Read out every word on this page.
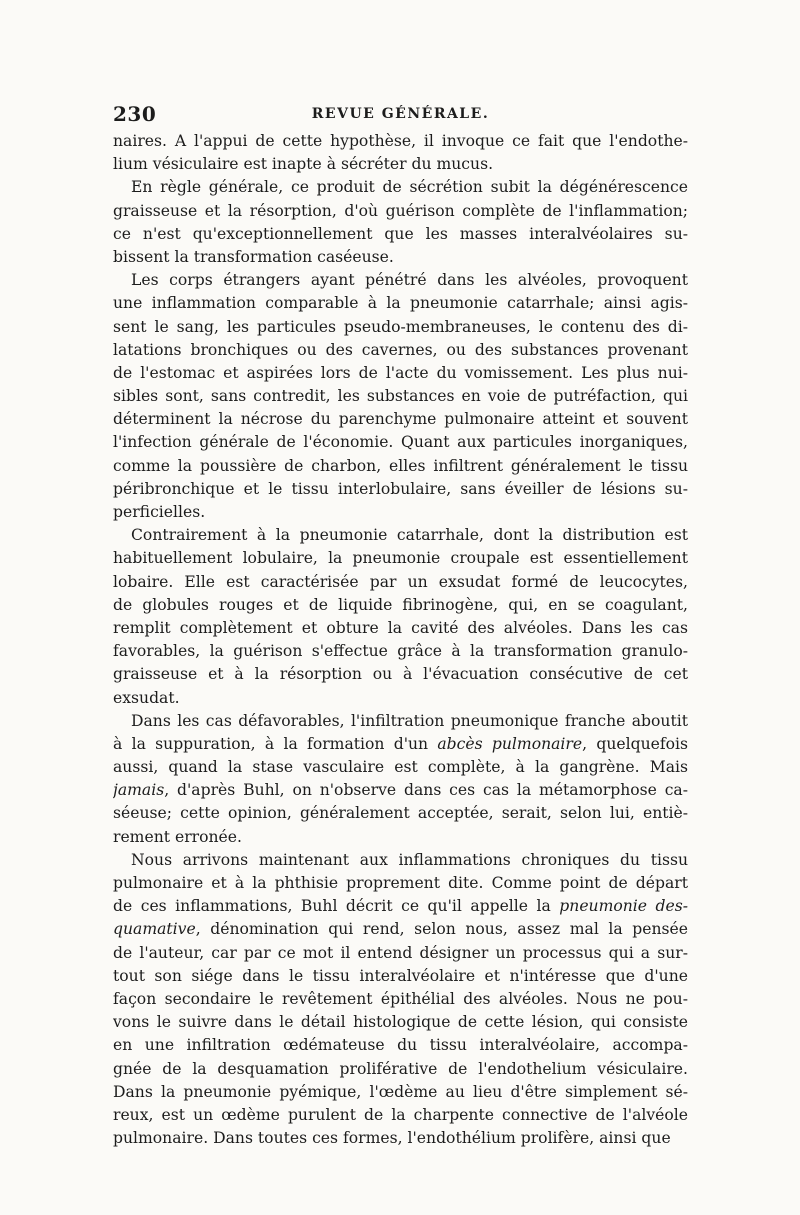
230	REVUE GÉNÉRALE.
naires. A l'appui de cette hypothèse, il invoque ce fait que l'endothe-
lium vésiculaire est inapte à sécréter du mucus.
En règle générale, ce produit de sécrétion subit la dégénérescence
graisseuse et la résorption, d'où guérison complète de l'inflammation;
ce n'est qu'exceptionnellement que les masses interalvéolaires su-
bissent la transformation caséeuse.
Les corps étrangers ayant pénétré dans les alvéoles, provoquent
une inflammation comparable à la pneumonie catarrhale; ainsi agis-
sent le sang, les particules pseudo-membraneuses, le contenu des di-
latations bronchiques ou des cavernes, ou des substances provenant
de l'estomac et aspirées lors de l'acte du vomissement. Les plus nui-
sibles sont, sans contredit, les substances en voie de putréfaction, qui
déterminent la nécrose du parenchyme pulmonaire atteint et souvent
l'infection générale de l'économie. Quant aux particules inorganiques,
comme la poussière de charbon, elles infiltrent généralement le tissu
péribronchique et le tissu interlobulaire, sans éveiller de lésions su-
perficielles.
Contrairement à la pneumonie catarrhale, dont la distribution est
habituellement lobulaire, la pneumonie croupale est essentiellement
lobaire. Elle est caractérisée par un exsudat formé de leucocytes,
de globules rouges et de liquide fibrinogène, qui, en se coagulant,
remplit complètement et obture la cavité des alvéoles. Dans les cas
favorables, la guérison s'effectue grâce à la transformation granulo-
graisseuse et à la résorption ou à l'évacuation consécutive de cet
exsudat.
Dans les cas défavorables, l'infiltration pneumonique franche aboutit
à la suppuration, à la formation d'un abcès pulmonaire, quelquefois
aussi, quand la stase vasculaire est complète, à la gangrène. Mais
jamais, d'après Buhl, on n'observe dans ces cas la métamorphose ca-
séeuse; cette opinion, généralement acceptée, serait, selon lui, entiè-
rement erronée.
Nous arrivons maintenant aux inflammations chroniques du tissu
pulmonaire et à la phthisie proprement dite. Comme point de départ
de ces inflammations, Buhl décrit ce qu'il appelle la pneumonie des-
quamative, dénomination qui rend, selon nous, assez mal la pensée
de l'auteur, car par ce mot il entend désigner un processus qui a sur-
tout son siége dans le tissu interalvéolaire et n'intéresse que d'une
façon secondaire le revêtement épithélial des alvéoles. Nous ne pou-
vons le suivre dans le détail histologique de cette lésion, qui consiste
en une infiltration œdémateuse du tissu interalvéolaire, accompa-
gnée de la desquamation proliférative de l'endothelium vésiculaire.
Dans la pneumonie pyémique, l'œdème au lieu d'être simplement sé-
reux, est un œdème purulent de la charpente connective de l'alvéole
pulmonaire. Dans toutes ces formes, l'endothélium prolifère, ainsi que
